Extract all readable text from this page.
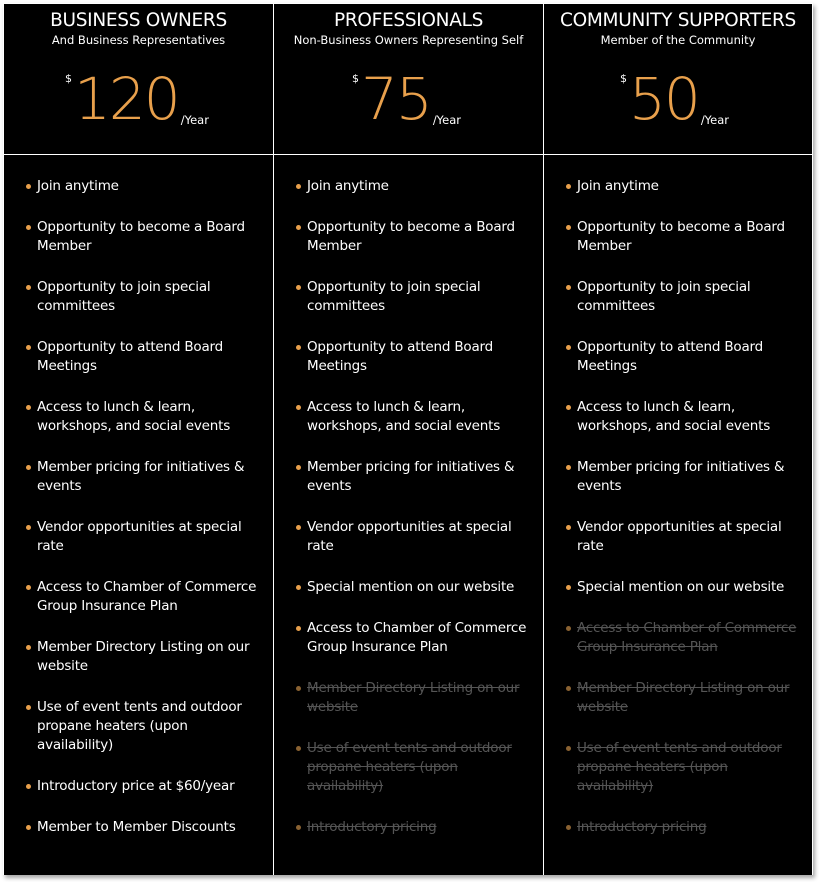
BUSINESS OWNERS
And Business Representatives
$ 120 /Year
Join anytime
Opportunity to become a Board Member
Opportunity to join special committees
Opportunity to attend Board Meetings
Access to lunch & learn, workshops, and social events
Member pricing for initiatives & events
Vendor opportunities at special rate
Access to Chamber of Commerce Group Insurance Plan
Member Directory Listing on our website
Use of event tents and outdoor propane heaters (upon availability)
Introductory price at $60/year
Member to Member Discounts
PROFESSIONALS
Non-Business Owners Representing Self
$ 75 /Year
Join anytime
Opportunity to become a Board Member
Opportunity to join special committees
Opportunity to attend Board Meetings
Access to lunch & learn, workshops, and social events
Member pricing for initiatives & events
Vendor opportunities at special rate
Special mention on our website
Access to Chamber of Commerce Group Insurance Plan
Member Directory Listing on our website
Use of event tents and outdoor propane heaters (upon availability)
Introductory pricing
COMMUNITY SUPPORTERS
Member of the Community
$ 50 /Year
Join anytime
Opportunity to become a Board Member
Opportunity to join special committees
Opportunity to attend Board Meetings
Access to lunch & learn, workshops, and social events
Member pricing for initiatives & events
Vendor opportunities at special rate
Special mention on our website
Access to Chamber of Commerce Group Insurance Plan
Member Directory Listing on our website
Use of event tents and outdoor propane heaters (upon availability)
Introductory pricing
